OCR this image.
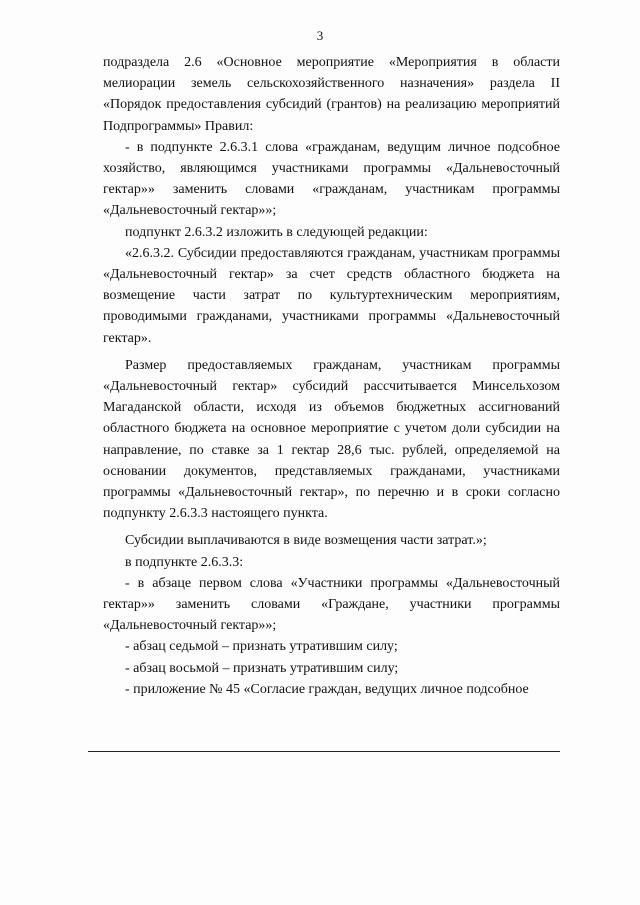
3

подраздела 2.6 «Основное мероприятие «Мероприятия в области мелиорации земель сельскохозяйственного назначения» раздела II «Порядок предоставления субсидий (грантов) на реализацию мероприятий Подпрограммы» Правил:

- в подпункте 2.6.3.1 слова «гражданам, ведущим личное подсобное хозяйство, являющимся участниками программы «Дальневосточный гектар»» заменить словами «гражданам, участникам программы «Дальневосточный гектар»»;

подпункт 2.6.3.2 изложить в следующей редакции:

«2.6.3.2. Субсидии предоставляются гражданам, участникам программы «Дальневосточный гектар» за счет средств областного бюджета на возмещение части затрат по культуртехническим мероприятиям, проводимыми гражданами, участниками программы «Дальневосточный гектар».

Размер предоставляемых гражданам, участникам программы «Дальневосточный гектар» субсидий рассчитывается Минсельхозом Магаданской области, исходя из объемов бюджетных ассигнований областного бюджета на основное мероприятие с учетом доли субсидии на направление, по ставке за 1 гектар 28,6 тыс. рублей, определяемой на основании документов, представляемых гражданами, участниками программы «Дальневосточный гектар», по перечню и в сроки согласно подпункту 2.6.3.3 настоящего пункта.

Субсидии выплачиваются в виде возмещения части затрат.»;

в подпункте 2.6.3.3:

- в абзаце первом слова «Участники программы «Дальневосточный гектар»» заменить словами «Граждане, участники программы «Дальневосточный гектар»»;

- абзац седьмой – признать утратившим силу;

- абзац восьмой – признать утратившим силу;

- приложение № 45 «Согласие граждан, ведущих личное подсобное
